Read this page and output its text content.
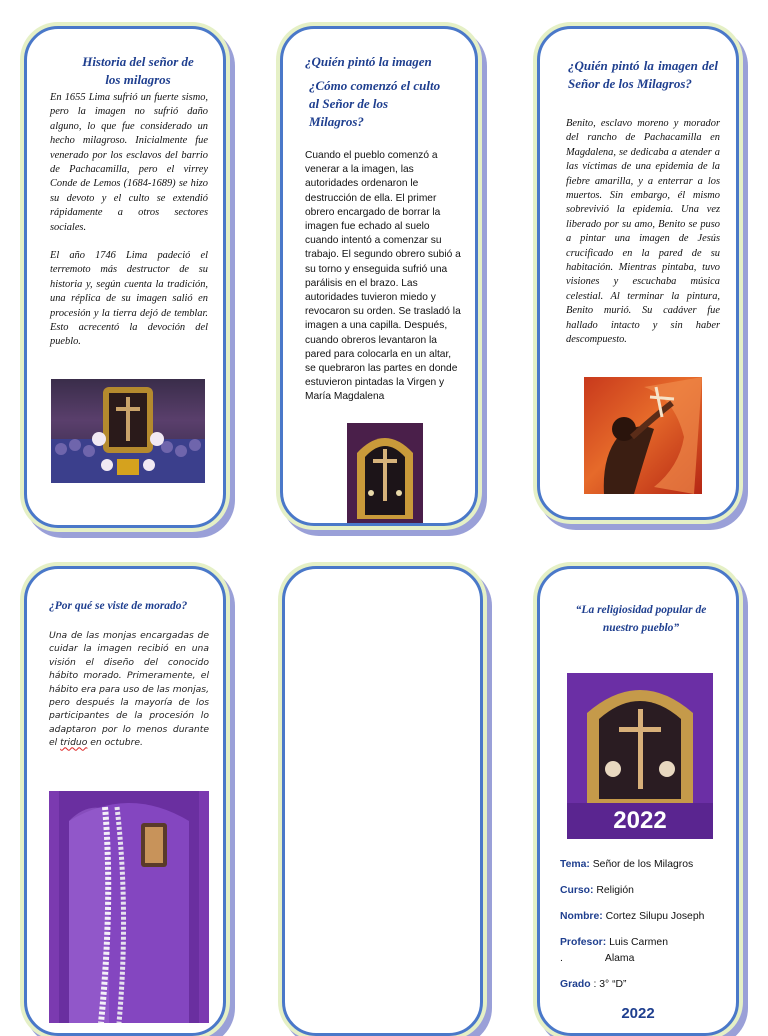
Historia del señor de
los milagros
En 1655 Lima sufrió un fuerte sismo, pero la imagen no sufrió daño alguno, lo que fue considerado un hecho milagroso. Inicialmente fue venerado por los esclavos del barrio de Pachacamilla, pero el virrey Conde de Lemos (1684-1689) se hizo su devoto y el culto se extendió rápidamente a otros sectores sociales.
El año 1746 Lima padeció el terremoto más destructor de su historia y, según cuenta la tradición, una réplica de su imagen salió en procesión y la tierra dejó de temblar. Esto acrecentó la devoción del pueblo.
¿Quién pintó la imagen
¿Cómo comenzó el culto al Señor de los Milagros?
Cuando el pueblo comenzó a venerar a la imagen, las autoridades ordenaron le destrucción de ella. El primer obrero encargado de borrar la imagen fue echado al suelo cuando intentó a comenzar su trabajo. El segundo obrero subió a su torno y enseguida sufrió una parálisis en el brazo. Las autoridades tuvieron miedo y revocaron su orden. Se trasladó la imagen a una capilla. Después, cuando obreros levantaron la pared para colocarla en un altar, se quebraron las partes en donde estuvieron pintadas la Virgen y María Magdalena
¿Quién pintó la imagen del Señor de los Milagros?
Benito, esclavo moreno y morador del rancho de Pachacamilla en Magdalena, se dedicaba a atender a las víctimas de una epidemia de la fiebre amarilla, y a enterrar a los muertos. Sin embargo, él mismo sobrevivió la epidemia. Una vez liberado por su amo, Benito se puso a pintar una imagen de Jesús crucificado en la pared de su habitación. Mientras pintaba, tuvo visiones y escuchaba música celestial. Al terminar la pintura, Benito murió. Su cadáver fue hallado intacto y sin haber descompuesto.
¿Por qué se viste de morado?
Una de las monjas encargadas de cuidar la imagen recibió en una visión el diseño del conocido hábito morado. Primeramente, el hábito era para uso de las monjas, pero después la mayoría de los participantes de la procesión lo adaptaron por lo menos durante el triduo en octubre.
“La religiosidad popular de nuestro pueblo”
2022
Tema: Señor de los Milagros
Curso: Religión
Nombre: Cortez Silupu Joseph
Profesor: Luis Carmen
.	Alama
Grado : 3° “D”
2022
